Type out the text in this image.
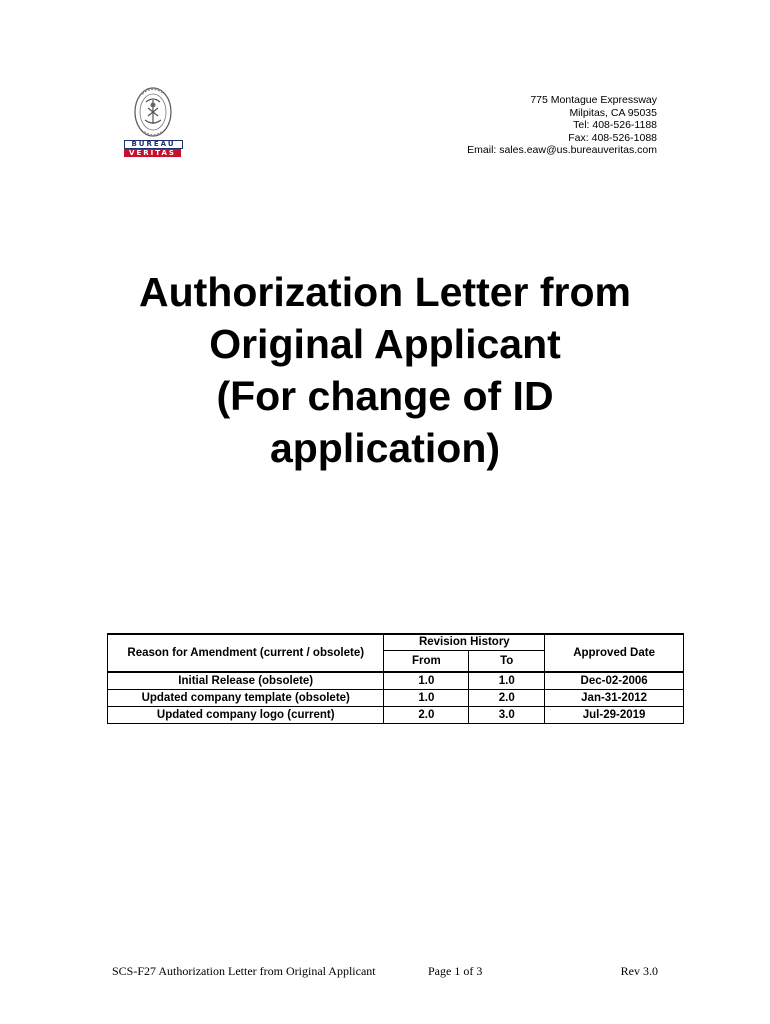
BUREAU
VERITAS
775 Montague Expressway
Milpitas, CA 95035
Tel: 408-526-1188
Fax: 408-526-1088
Email: sales.eaw@us.bureauveritas.com
Authorization Letter from
Original Applicant
(For change of ID
application)
Reason for Amendment (current / obsolete)	Revision History		Approved Date
	From	To	
Initial Release (obsolete)	1.0	1.0	Dec-02-2006
Updated company template (obsolete)	1.0	2.0	Jan-31-2012
Updated company logo (current)	2.0	3.0	Jul-29-2019
SCS-F27 Authorization Letter from Original Applicant	Page 1 of 3	Rev 3.0
